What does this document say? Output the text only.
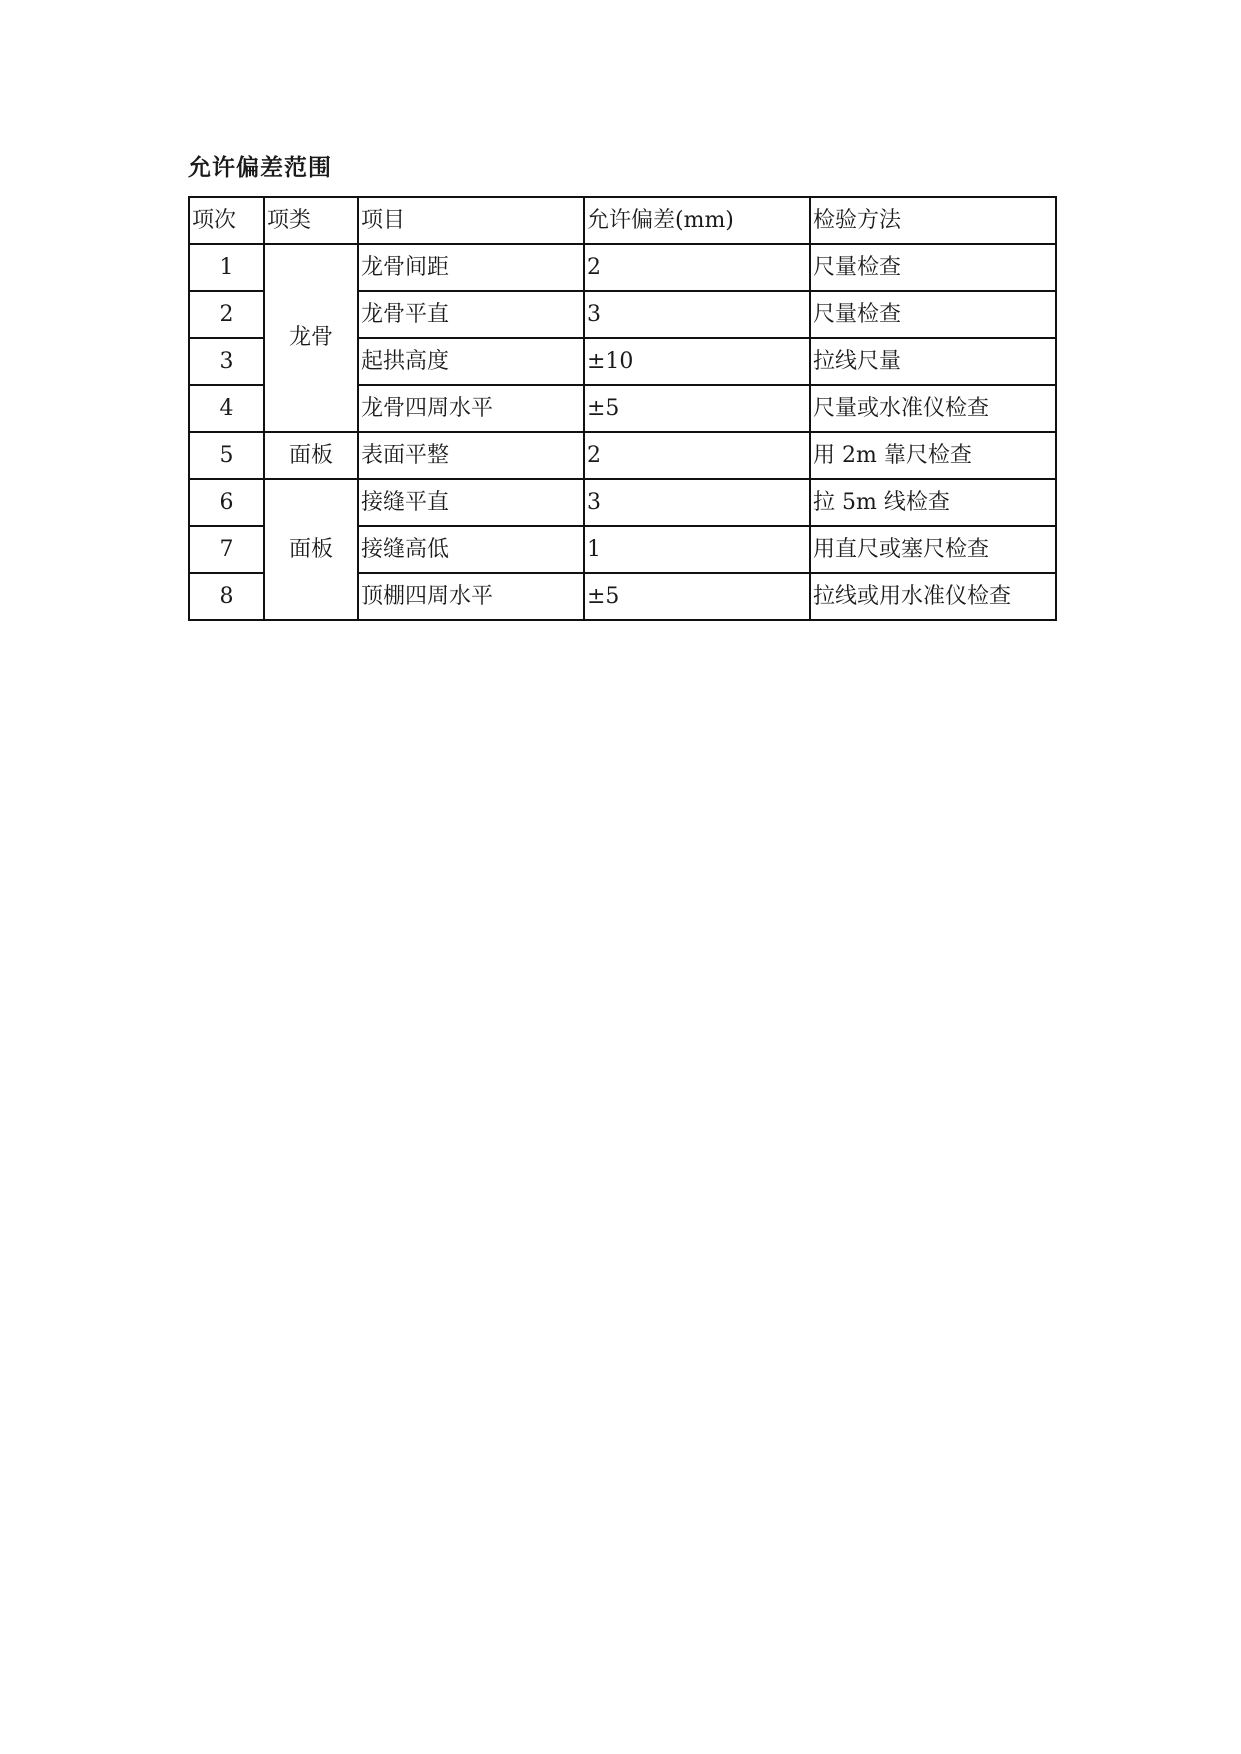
允许偏差范围
项次	项类	项目	允许偏差(mm)	检验方法
1	龙骨	龙骨间距	2	尺量检查
2		龙骨平直	3	尺量检查
3		起拱高度	±10	拉线尺量
4		龙骨四周水平	±5	尺量或水准仪检查
5	面板	表面平整	2	用 2m 靠尺检查
6	面板	接缝平直	3	拉 5m 线检查
7		接缝高低	1	用直尺或塞尺检查
8		顶棚四周水平	±5	拉线或用水准仪检查
